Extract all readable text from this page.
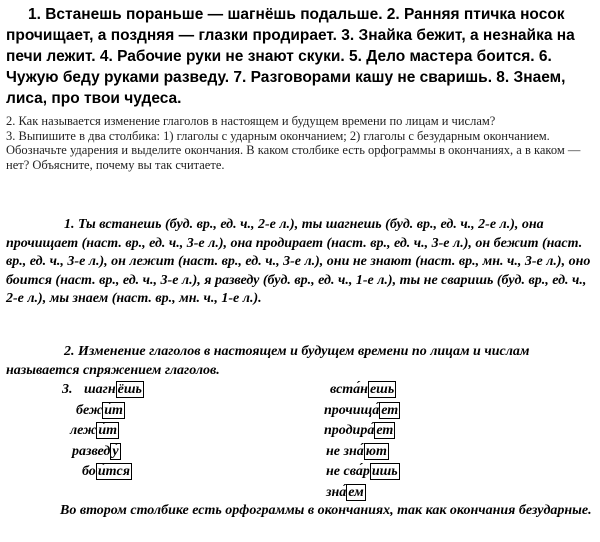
1. Встанешь пораньше — шагнёшь подальше. 2. Ранняя птичка носок прочищает, а поздняя — глазки продирает. 3. Знайка бежит, а незнайка на печи лежит. 4. Рабочие руки не знают скуки. 5. Дело мастера боится. 6. Чужую беду руками разведу. 7. Разговорами кашу не сваришь. 8. Знаем, лиса, про твои чудеса.

2. Как называется изменение глаголов в настоящем и будущем времени по лицам и числам?

3. Выпишите в два столбика: 1) глаголы с ударным окончанием; 2) глаголы с безударным окончанием. Обозначьте ударения и выделите окончания. В каком столбике есть орфограммы в окончаниях, а в каком — нет? Объясните, почему вы так считаете.

1. Ты встанешь (буд. вр., ед. ч., 2-е л.), ты шагнешь (буд. вр., ед. ч., 2-е л.), она прочищает (наст. вр., ед. ч., 3-е л.), она продирает (наст. вр., ед. ч., 3-е л.), он бежит (наст. вр., ед. ч., 3-е л.), он лежит (наст. вр., ед. ч., 3-е л.), они не знают (наст. вр., мн. ч., 3-е л.), оно боится (наст. вр., ед. ч., 3-е л.), я разведу (буд. вр., ед. ч., 1-е л.), ты не сваришь (буд. вр., ед. ч., 2-е л.), мы знаем (наст. вр., мн. ч., 1-е л.).

2. Изменение глаголов в настоящем и будущем времени по лицам и числам называется спряжением глаголов.

3. шагн ёшь
беж и́т
леж и́т
развед у́
бо и́тся
вста́н ешь
прочища́ ет
продира́ ет
не зна́ ют
не сва́р ишь
зна́ ем

Во втором столбике есть орфограммы в окончаниях, так как окончания безударные.
